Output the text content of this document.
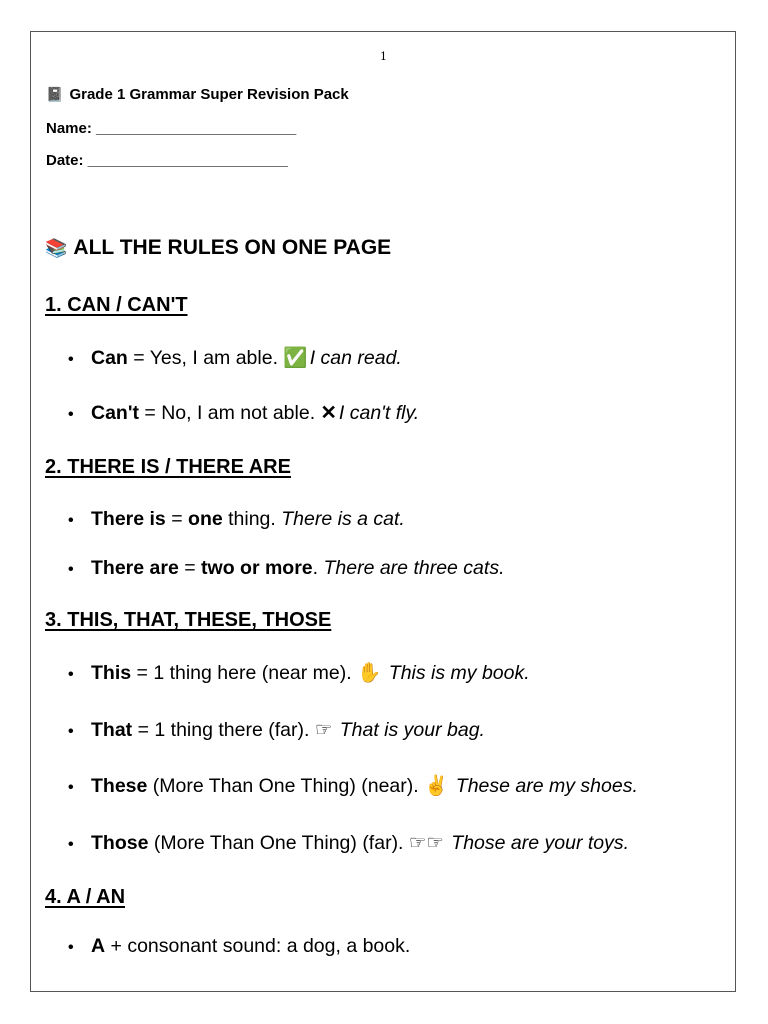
1
📓 Grade 1 Grammar Super Revision Pack
Name: ________________________
Date: ________________________
📚 ALL THE RULES ON ONE PAGE
1. CAN / CAN'T
• Can = Yes, I am able. ✅ I can read.
• Can't = No, I am not able. ✕ I can't fly.
2. THERE IS / THERE ARE
• There is = one thing. There is a cat.
• There are = two or more. There are three cats.
3. THIS, THAT, THESE, THOSE
• This = 1 thing here (near me). ✋ This is my book.
• That = 1 thing there (far). ☞ That is your bag.
• These (More Than One Thing) (near). ✌ These are my shoes.
• Those (More Than One Thing) (far). ☞☞ Those are your toys.
4. A / AN
• A + consonant sound: a dog, a book.
